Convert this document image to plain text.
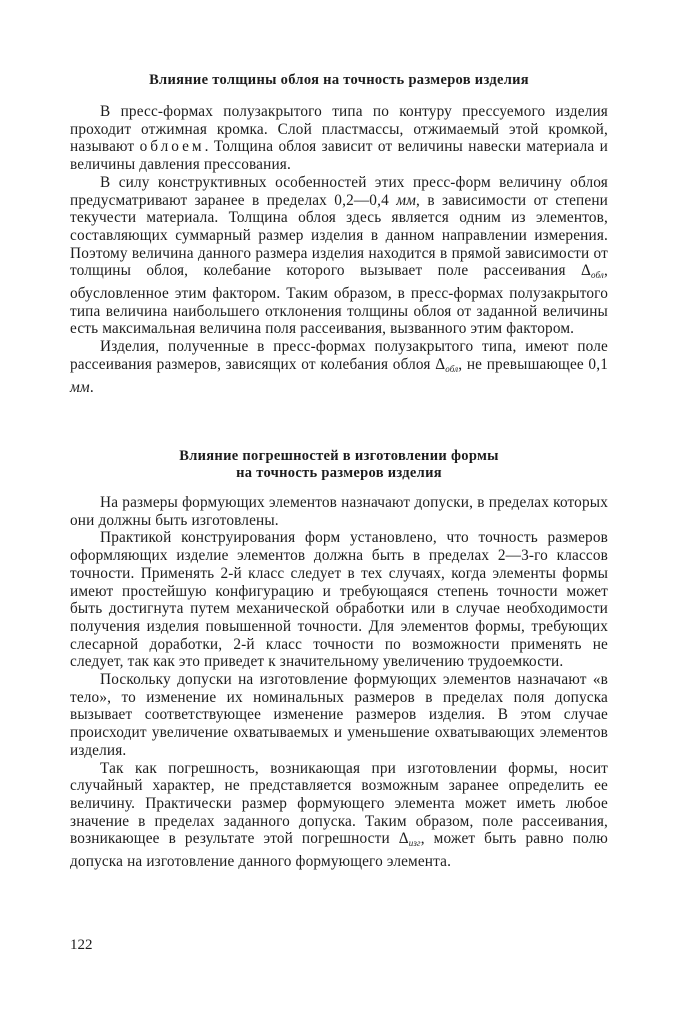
Влияние толщины облоя на точность размеров изделия

В пресс-формах полузакрытого типа по контуру прессуемого изделия проходит отжимная кромка. Слой пластмассы, отжимаемый этой кромкой, называют облоем. Толщина облоя зависит от величины навески материала и величины давления прессования.

В силу конструктивных особенностей этих пресс-форм величину облоя предусматривают заранее в пределах 0,2—0,4 мм, в зависимости от степени текучести материала. Толщина облоя здесь является одним из элементов, составляющих суммарный размер изделия в данном направлении измерения. Поэтому величина данного размера изделия находится в прямой зависимости от толщины облоя, колебание которого вызывает поле рассеивания $\Delta_{обл}$, обусловленное этим фактором. Таким образом, в пресс-формах полузакрытого типа величина наибольшего отклонения толщины облоя от заданной величины есть максимальная величина поля рассеивания, вызванного этим фактором.

Изделия, полученные в пресс-формах полузакрытого типа, имеют поле рассеивания размеров, зависящих от колебания облоя $\Delta_{обл}$, не превышающее 0,1 мм.

Влияние погрешностей в изготовлении формы
на точность размеров изделия

На размеры формующих элементов назначают допуски, в пределах которых они должны быть изготовлены.

Практикой конструирования форм установлено, что точность размеров оформляющих изделие элементов должна быть в пределах 2—3-го классов точности. Применять 2-й класс следует в тех случаях, когда элементы формы имеют простейшую конфигурацию и требующаяся степень точности может быть достигнута путем механической обработки или в случае необходимости получения изделия повышенной точности. Для элементов формы, требующих слесарной доработки, 2-й класс точности по возможности применять не следует, так как это приведет к значительному увеличению трудоемкости.

Поскольку допуски на изготовление формующих элементов назначают «в тело», то изменение их номинальных размеров в пределах поля допуска вызывает соответствующее изменение размеров изделия. В этом случае происходит увеличение охватываемых и уменьшение охватывающих элементов изделия.

Так как погрешность, возникающая при изготовлении формы, носит случайный характер, не представляется возможным заранее определить ее величину. Практически размер формующего элемента может иметь любое значение в пределах заданного допуска. Таким образом, поле рассеивания, возникающее в результате этой погрешности $\Delta_{изг}$, может быть равно полю допуска на изготовление данного формующего элемента.

122
